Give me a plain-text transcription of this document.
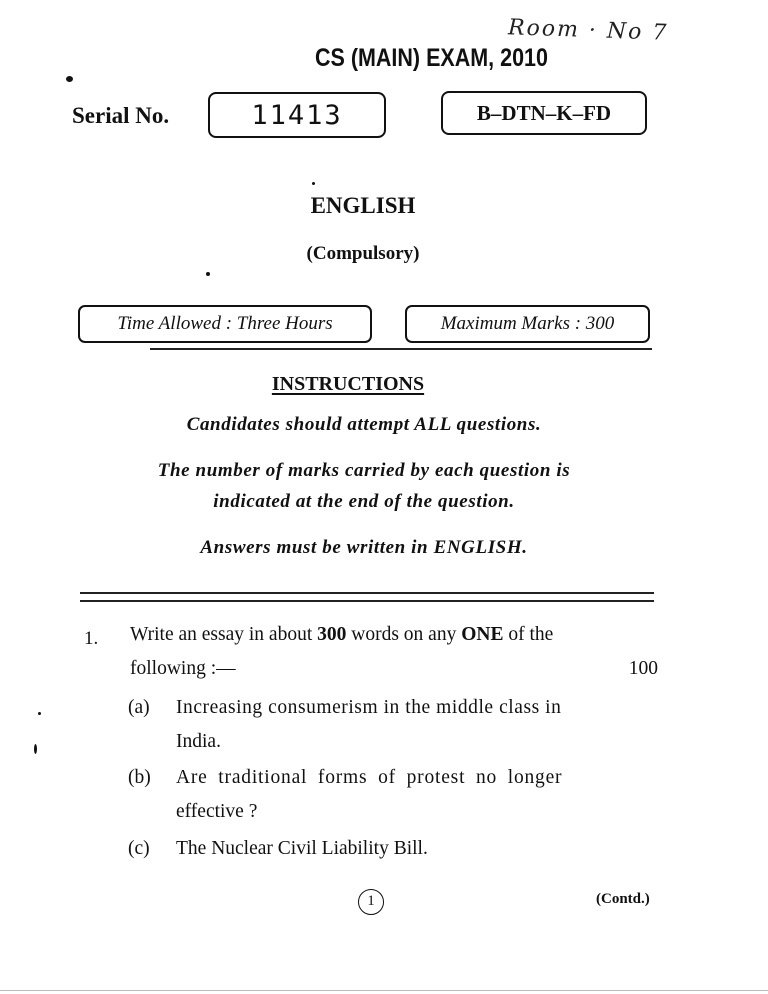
Room · No 7
CS (MAIN) EXAM, 2010
Serial No.	11413	B–DTN–K–FD
ENGLISH
(Compulsory)
Time Allowed : Three Hours	Maximum Marks : 300
INSTRUCTIONS
Candidates should attempt ALL questions.
The number of marks carried by each question is
indicated at the end of the question.
Answers must be written in ENGLISH.
1. Write an essay in about 300 words on any ONE of the
following :—	100
(a) Increasing consumerism in the middle class in
India.
(b) Are traditional forms of protest no longer
effective ?
(c) The Nuclear Civil Liability Bill.
1	(Contd.)
